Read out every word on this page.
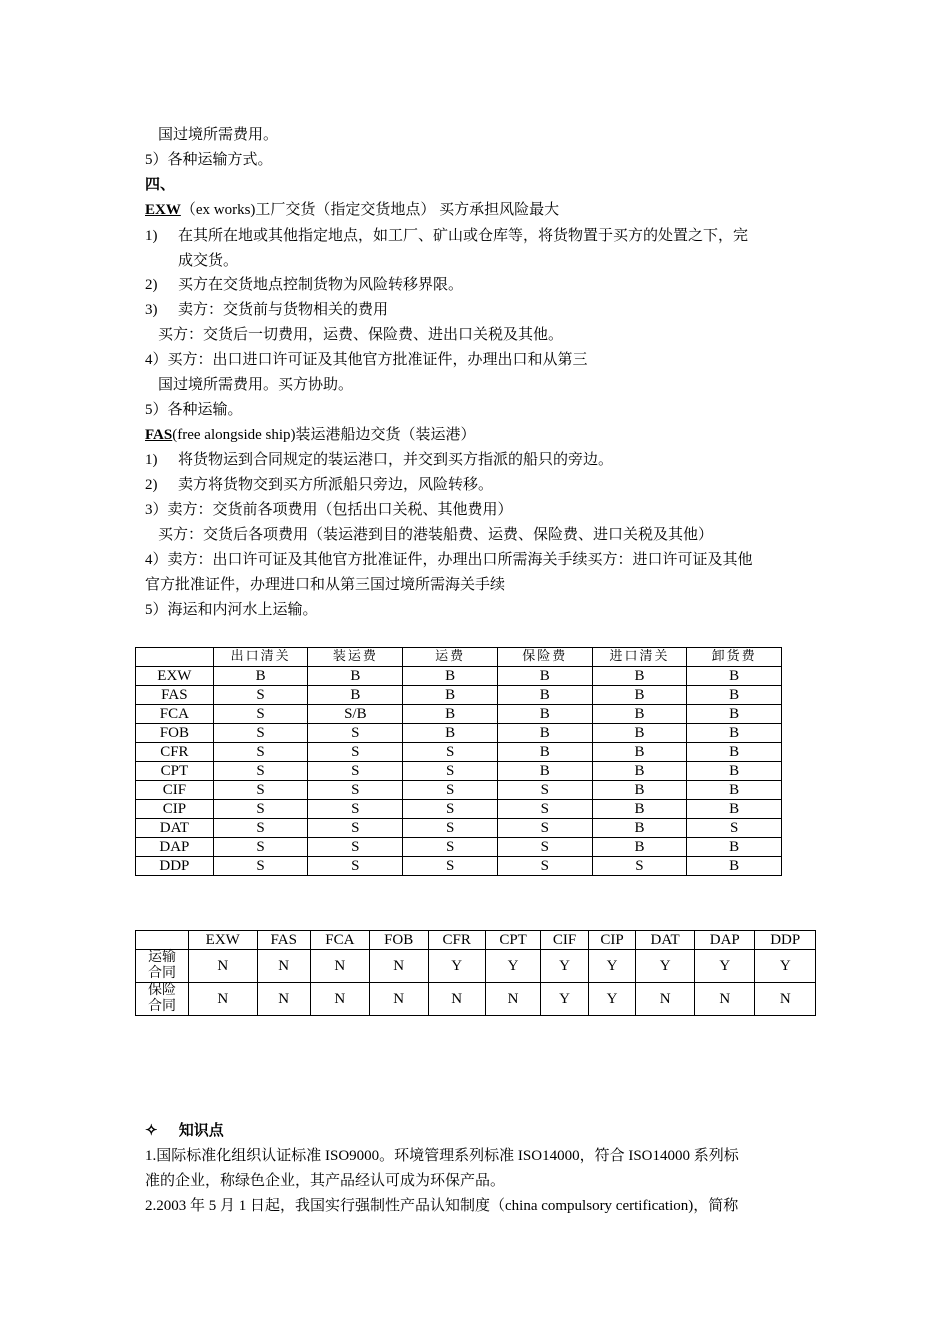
国过境所需费用。
5）各种运输方式。
四、
EXW（ex works)工厂交货（指定交货地点） 买方承担风险最大
1) 在其所在地或其他指定地点，如工厂、矿山或仓库等，将货物置于买方的处置之下，完
成交货。
2) 买方在交货地点控制货物为风险转移界限。
3) 卖方：交货前与货物相关的费用
买方：交货后一切费用，运费、保险费、进出口关税及其他。
4）买方：出口进口许可证及其他官方批准证件，办理出口和从第三
国过境所需费用。买方协助。
5）各种运输。
FAS(free alongside ship)装运港船边交货（装运港）
1) 将货物运到合同规定的装运港口，并交到买方指派的船只的旁边。
2) 卖方将货物交到买方所派船只旁边，风险转移。
3）卖方：交货前各项费用（包括出口关税、其他费用）
买方：交货后各项费用（装运港到目的港装船费、运费、保险费、进口关税及其他）
4）卖方：出口许可证及其他官方批准证件，办理出口所需海关手续买方：进口许可证及其他
官方批准证件，办理进口和从第三国过境所需海关手续
5）海运和内河水上运输。
	出口清关	装运费	运费	保险费	进口清关	卸货费
EXW	B	B	B	B	B	B
FAS	S	B	B	B	B	B
FCA	S	S/B	B	B	B	B
FOB	S	S	B	B	B	B
CFR	S	S	S	B	B	B
CPT	S	S	S	B	B	B
CIF	S	S	S	S	B	B
CIP	S	S	S	S	B	B
DAT	S	S	S	S	B	S
DAP	S	S	S	S	B	B
DDP	S	S	S	S	S	B
	EXW	FAS	FCA	FOB	CFR	CPT	CIF	CIP	DAT	DAP	DDP

运输
合同	N	N	N	N	Y	Y	Y	Y	Y	Y	Y

保险
合同	N	N	N	N	N	N	Y	Y	N	N	N
✧ 知识点
1.国际标准化组织认证标准 ISO9000。环境管理系列标准 ISO14000，符合 ISO14000 系列标
准的企业，称绿色企业，其产品经认可成为环保产品。
2.2003 年 5 月 1 日起，我国实行强制性产品认知制度（china compulsory certification)，简称
